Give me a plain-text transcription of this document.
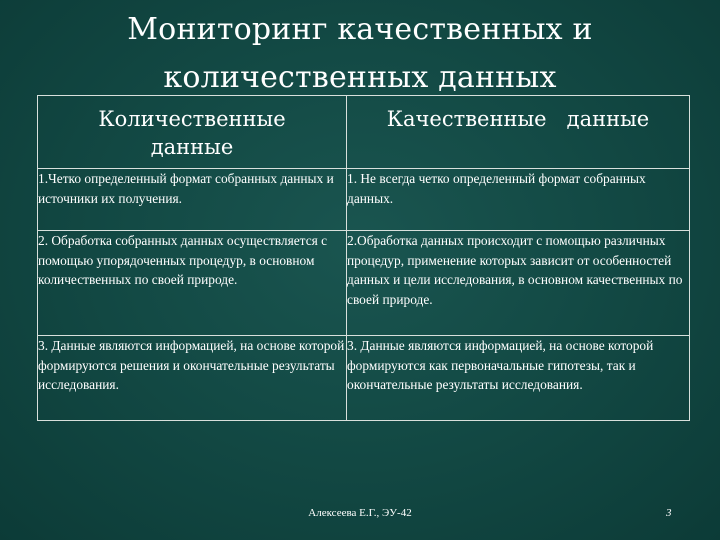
Мониторинг качественных и
количественных данных
Количественные
данные	Качественные   данные

1.Четко определенный формат собранных данных и источники их получения.	1. Не всегда четко определенный формат собранных данных.
2. Обработка собранных данных осуществляется с помощью упорядоченных процедур, в основном количественных по своей природе.	2.Обработка данных происходит с помощью различных процедур, применение которых зависит от особенностей данных и цели исследования, в основном качественных по своей природе.
3. Данные являются информацией, на основе которой формируются решения и окончательные результаты исследования.	3. Данные являются информацией, на основе которой формируются как первоначальные гипотезы, так и окончательные результаты исследования.
Алексеева Е.Г., ЭУ-42	3
